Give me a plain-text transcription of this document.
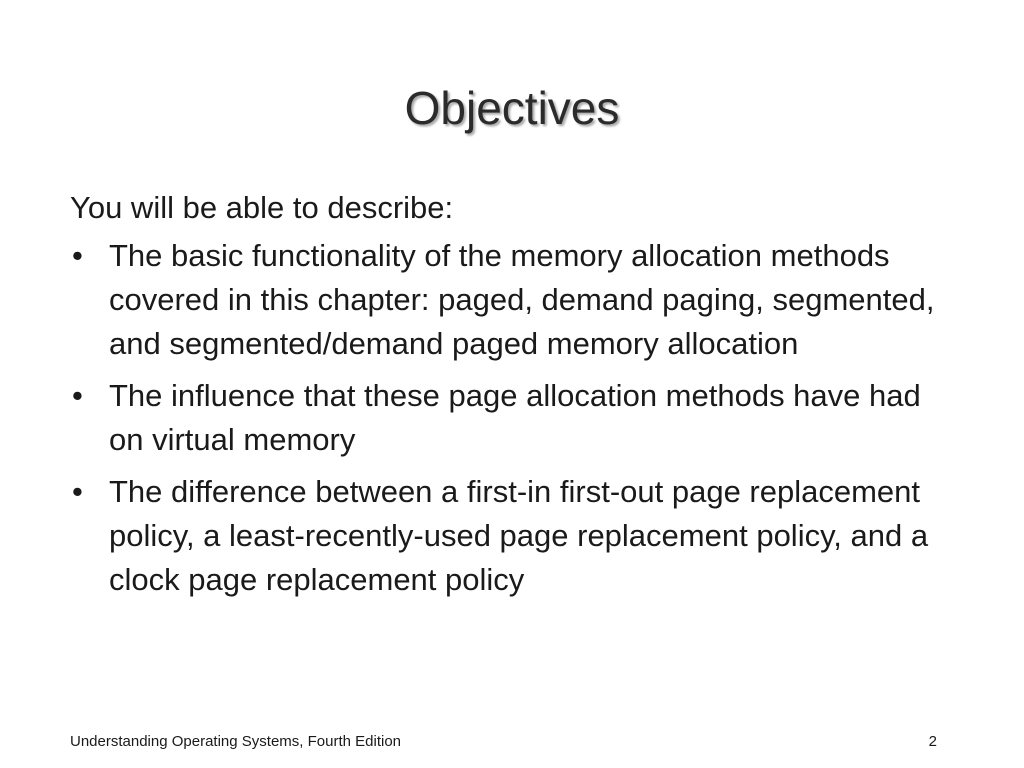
Objectives
You will be able to describe:
• The basic functionality of the memory allocation methods covered in this chapter: paged, demand paging, segmented, and segmented/demand paged memory allocation
• The influence that these page allocation methods have had on virtual memory
• The difference between a first-in first-out page replacement policy, a least-recently-used page replacement policy, and a clock page replacement policy
Understanding Operating Systems, Fourth Edition	2
